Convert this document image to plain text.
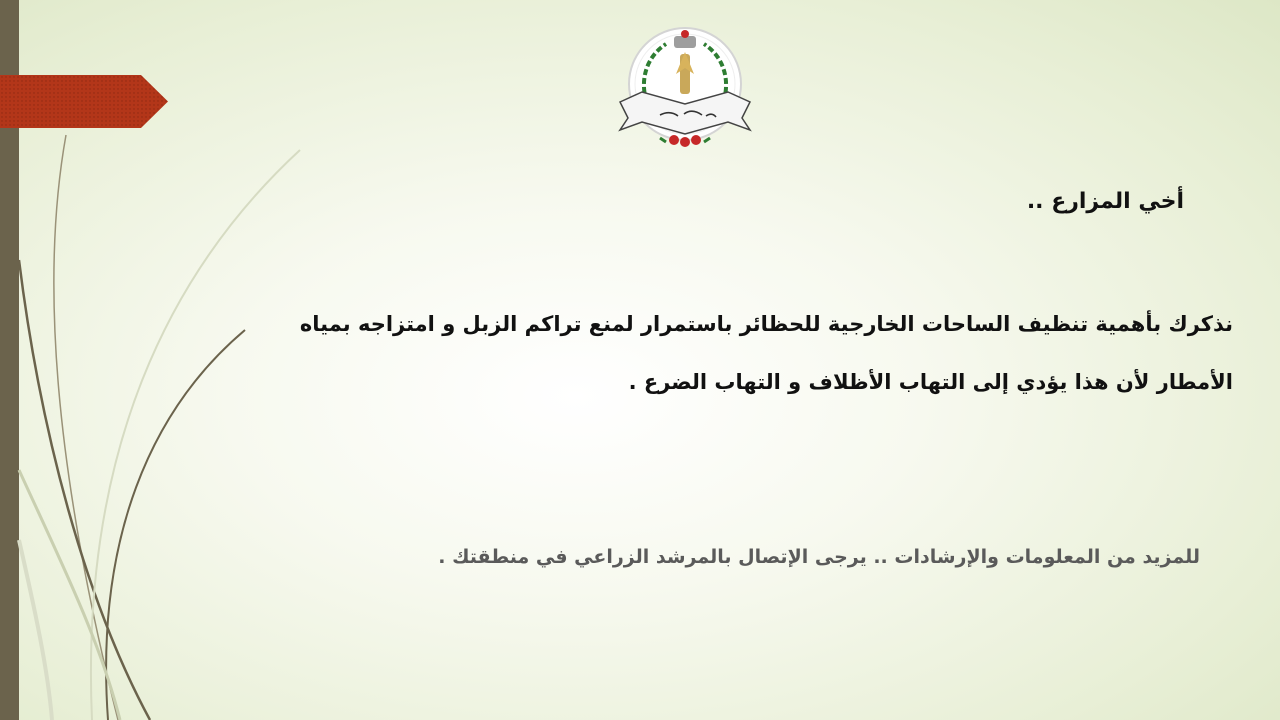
أخي المزارع ..

نذكرك بأهمية تنظيف الساحات الخارجية للحظائر باستمرار لمنع تراكم الزبل و امتزاجه بمياه الأمطار لأن هذا يؤدي إلى التهاب الأظلاف و التهاب الضرع .

للمزيد من المعلومات والإرشادات .. يرجى الإتصال بالمرشد الزراعي في منطقتك .
